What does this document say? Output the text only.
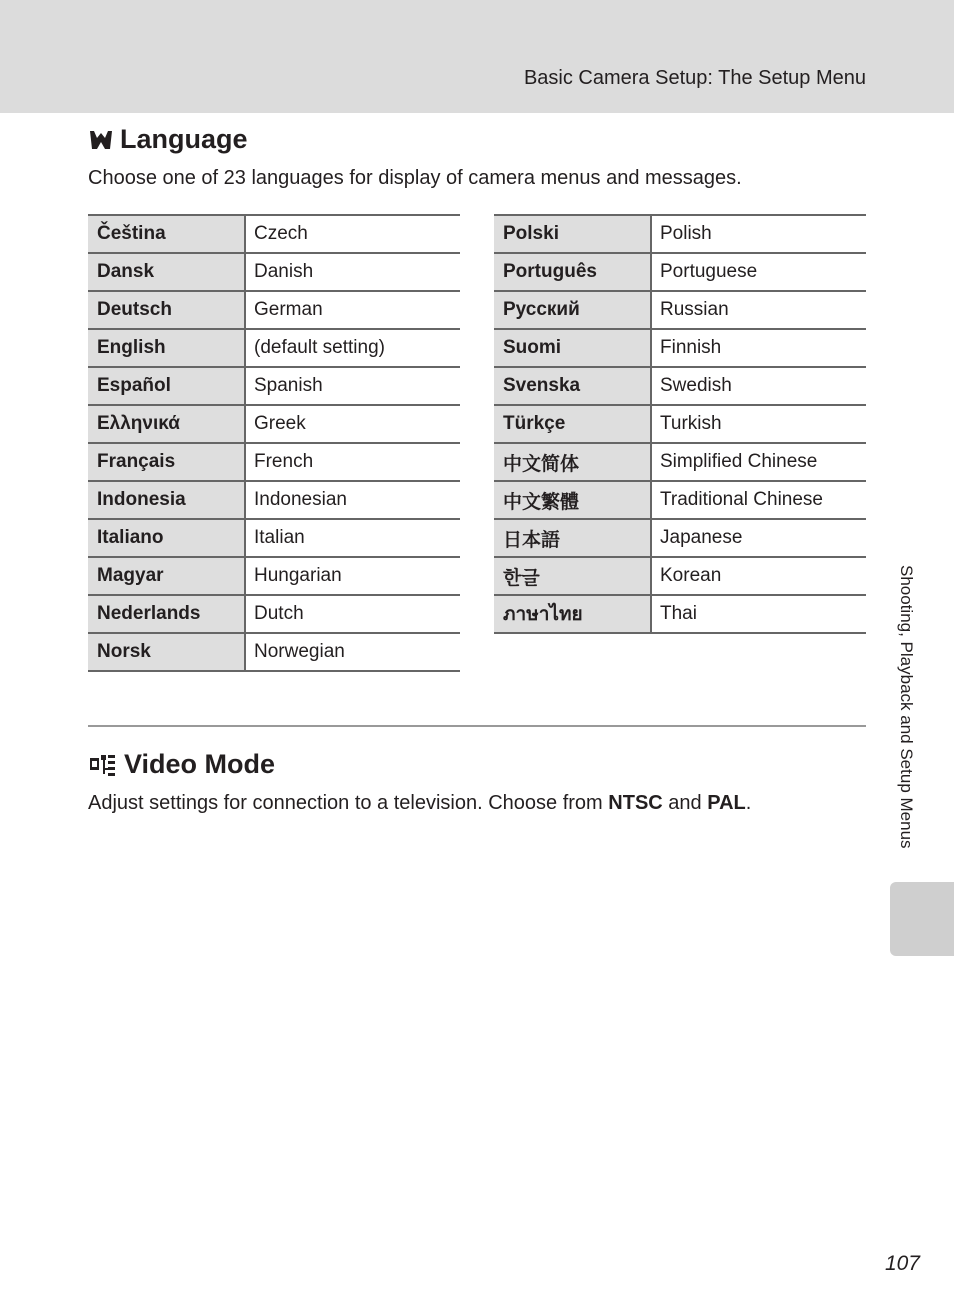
Basic Camera Setup: The Setup Menu
Language
Choose one of 23 languages for display of camera menus and messages.
Čeština	Czech
Dansk	Danish
Deutsch	German
English	(default setting)
Español	Spanish
Ελληνικά	Greek
Français	French
Indonesia	Indonesian
Italiano	Italian
Magyar	Hungarian
Nederlands	Dutch
Norsk	Norwegian
Polski	Polish
Português	Portuguese
Русский	Russian
Suomi	Finnish
Svenska	Swedish
Türkçe	Turkish
中文简体	Simplified Chinese
中文繁體	Traditional Chinese
日本語	Japanese
한글	Korean
ภาษาไทย	Thai
Video Mode
Adjust settings for connection to a television. Choose from NTSC and PAL.	Shooting, Playback and Setup Menus
107
